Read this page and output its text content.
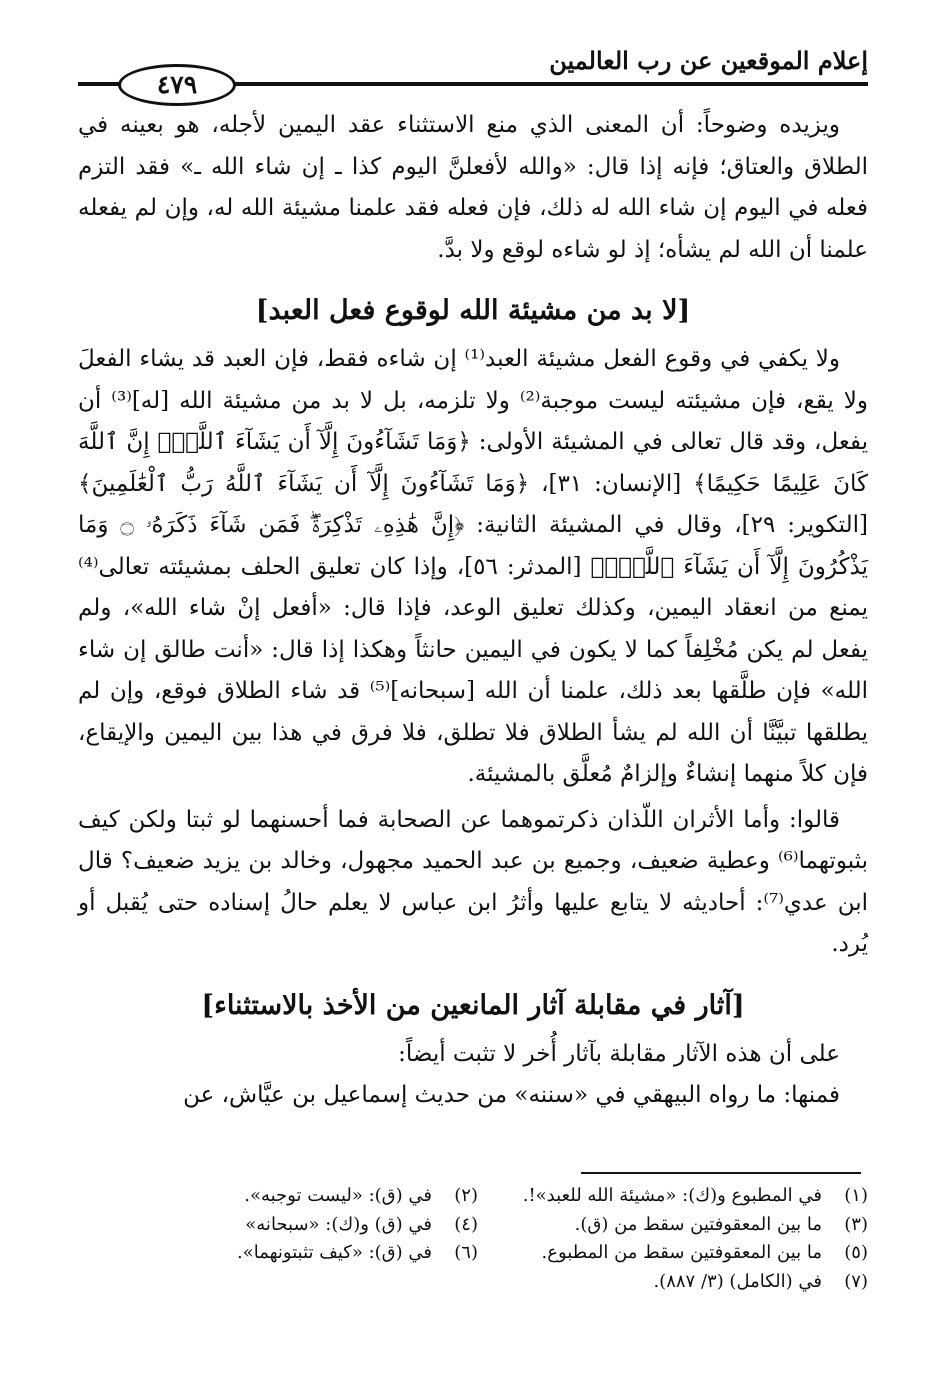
إعلام الموقعين عن رب العالمين
٤٧٩

ويزيده وضوحاً: أن المعنى الذي منع الاستثناء عقد اليمين لأجله، هو بعينه في الطلاق والعتاق؛ فإنه إذا قال: «والله لأفعلنَّ اليوم كذا ـ إن شاء الله ـ» فقد التزم فعله في اليوم إن شاء الله له ذلك، فإن فعله فقد علمنا مشيئة الله له، وإن لم يفعله علمنا أن الله لم يشأه؛ إذ لو شاءه لوقع ولا بدَّ.

[لا بد من مشيئة الله لوقوع فعل العبد]

ولا يكفي في وقوع الفعل مشيئة العبد⁽¹⁾ إن شاءه فقط، فإن العبد قد يشاء الفعلَ ولا يقع، فإن مشيئته ليست موجبة⁽²⁾ ولا تلزمه، بل لا بد من مشيئة الله [له]⁽³⁾ أن يفعل، وقد قال تعالى في المشيئة الأولى: ﴿وَمَا تَشَآءُونَ إِلَّآ أَن يَشَآءَ ٱللَّهُۚ إِنَّ ٱللَّهَ كَانَ عَلِيمًا حَكِيمًا﴾ [الإنسان: ٣١]، ﴿وَمَا تَشَآءُونَ إِلَّآ أَن يَشَآءَ ٱللَّهُ رَبُّ ٱلْعَٰلَمِينَ﴾ [التكوير: ٢٩]، وقال في المشيئة الثانية: ﴿إِنَّ هَٰذِهِۦ تَذْكِرَةٌۖ فَمَن شَآءَ ذَكَرَهُۥ ۝ وَمَا يَذْكُرُونَ إِلَّآ أَن يَشَآءَ ٱللَّهُۚ﴾ [المدثر: ٥٦]، وإذا كان تعليق الحلف بمشيئته تعالى⁽⁴⁾ يمنع من انعقاد اليمين، وكذلك تعليق الوعد، فإذا قال: «أفعل إنْ شاء الله»، ولم يفعل لم يكن مُخْلِفاً كما لا يكون في اليمين حانثاً وهكذا إذا قال: «أنت طالق إن شاء الله» فإن طلَّقها بعد ذلك، علمنا أن الله [سبحانه]⁽⁵⁾ قد شاء الطلاق فوقع، وإن لم يطلقها تبيَّنَّا أن الله لم يشأ الطلاق فلا تطلق، فلا فرق في هذا بين اليمين والإيقاع، فإن كلاً منهما إنشاءٌ وإلزامٌ مُعلَّق بالمشيئة.

قالوا: وأما الأثران اللّذان ذكرتموهما عن الصحابة فما أحسنهما لو ثبتا ولكن كيف بثبوتهما⁽⁶⁾ وعطية ضعيف، وجميع بن عبد الحميد مجهول، وخالد بن يزيد ضعيف؟ قال ابن عدي⁽⁷⁾: أحاديثه لا يتابع عليها وأثرُ ابن عباس لا يعلم حالُ إسناده حتى يُقبل أو يُرد.

[آثار في مقابلة آثار المانعين من الأخذ بالاستثناء]

على أن هذه الآثار مقابلة بآثار أُخر لا تثبت أيضاً:

فمنها: ما رواه البيهقي في «سننه» من حديث إسماعيل بن عيَّاش، عن

(١)في المطبوع و(ك): «مشيئة الله للعبد»!.
(٢)في (ق): «ليست توجبه».
(٣)ما بين المعقوفتين سقط من (ق).
(٤)في (ق) و(ك): «سبحانه»
(٥)ما بين المعقوفتين سقط من المطبوع.
(٦)في (ق): «كيف تثبتونهما».
(٧)في (الكامل) (٣/ ٨٨٧).
